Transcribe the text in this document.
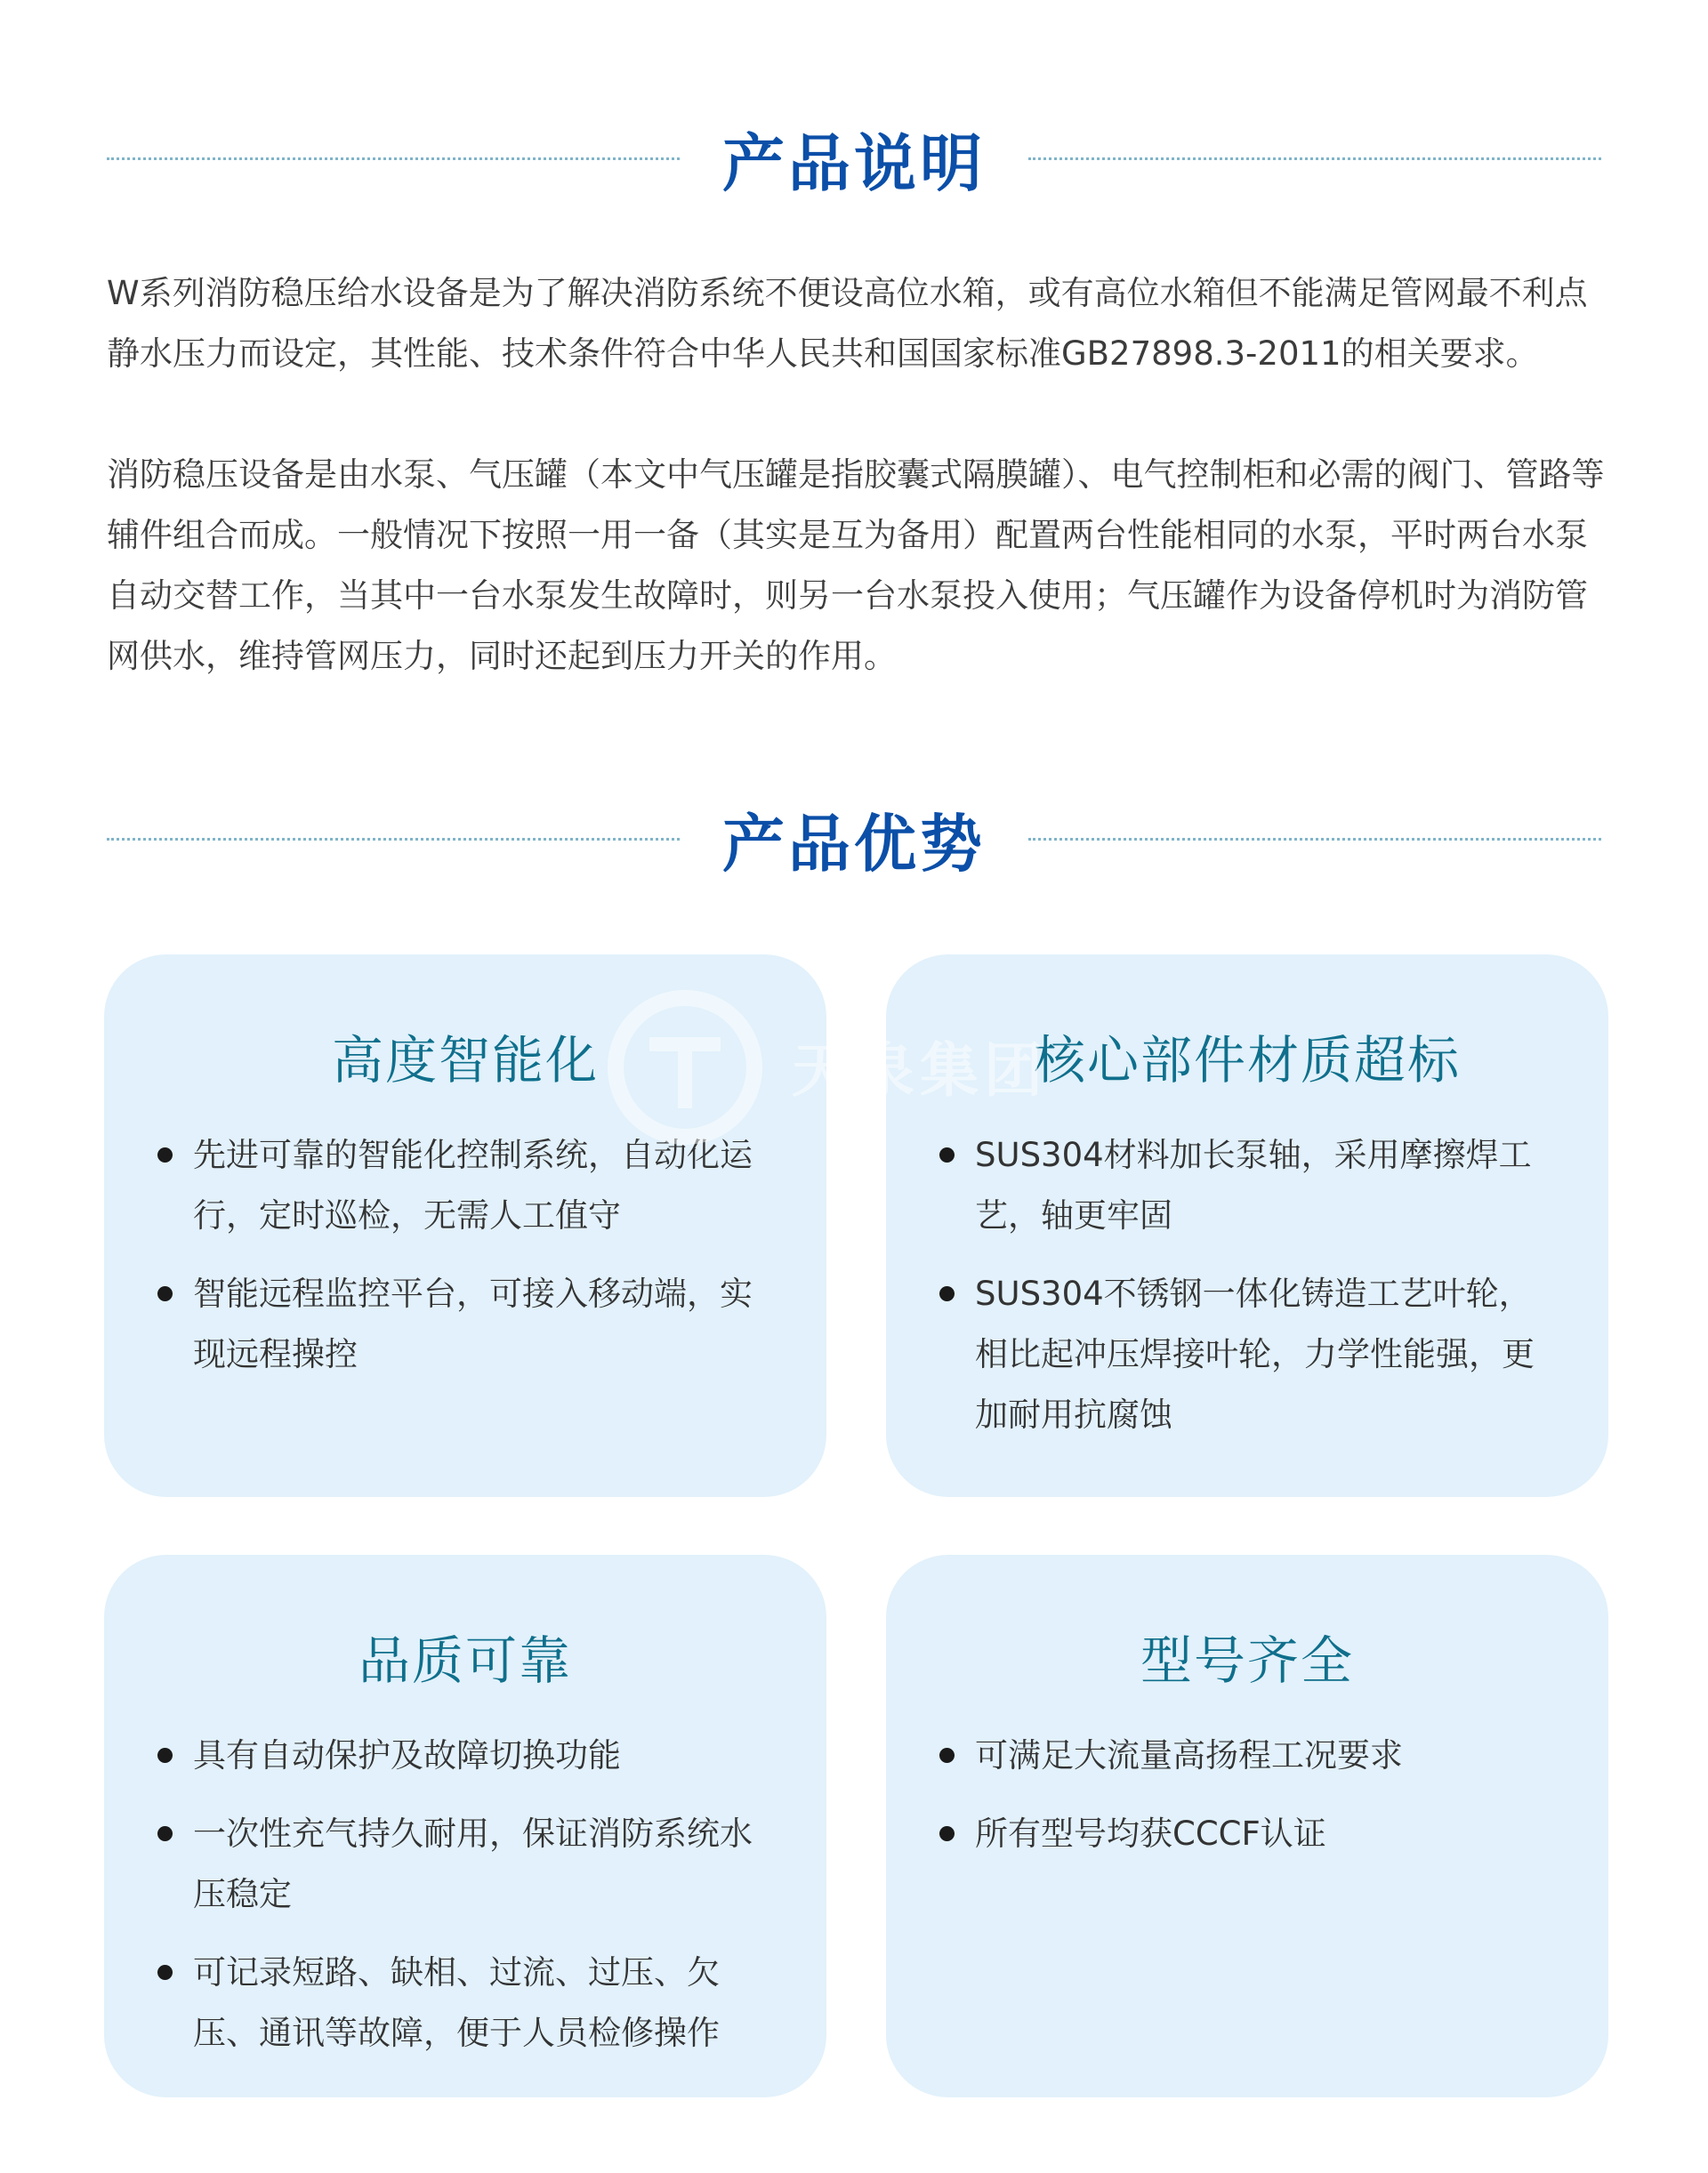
产品说明

W系列消防稳压给水设备是为了解决消防系统不便设高位水箱，或有高位水箱但不能满足管网最不利点静水压力而设定，其性能、技术条件符合中华人民共和国国家标准GB27898.3-2011的相关要求。

消防稳压设备是由水泵、气压罐（本文中气压罐是指胶囊式隔膜罐）、电气控制柜和必需的阀门、管路等辅件组合而成。一般情况下按照一用一备（其实是互为备用）配置两台性能相同的水泵，平时两台水泵自动交替工作，当其中一台水泵发生故障时，则另一台水泵投入使用；气压罐作为设备停机时为消防管网供水，维持管网压力，同时还起到压力开关的作用。

产品优势
高度智能化
先进可靠的智能化控制系统，自动化运行，定时巡检，无需人工值守
智能远程监控平台，可接入移动端，实现远程操控
核心部件材质超标
SUS304材料加长泵轴，采用摩擦焊工艺，轴更牢固
SUS304不锈钢一体化铸造工艺叶轮，相比起冲压焊接叶轮，力学性能强，更加耐用抗腐蚀
品质可靠
具有自动保护及故障切换功能
一次性充气持久耐用，保证消防系统水压稳定
可记录短路、缺相、过流、过压、欠压、通讯等故障，便于人员检修操作
型号齐全
可满足大流量高扬程工况要求
所有型号均获CCCF认证
天泉集团
